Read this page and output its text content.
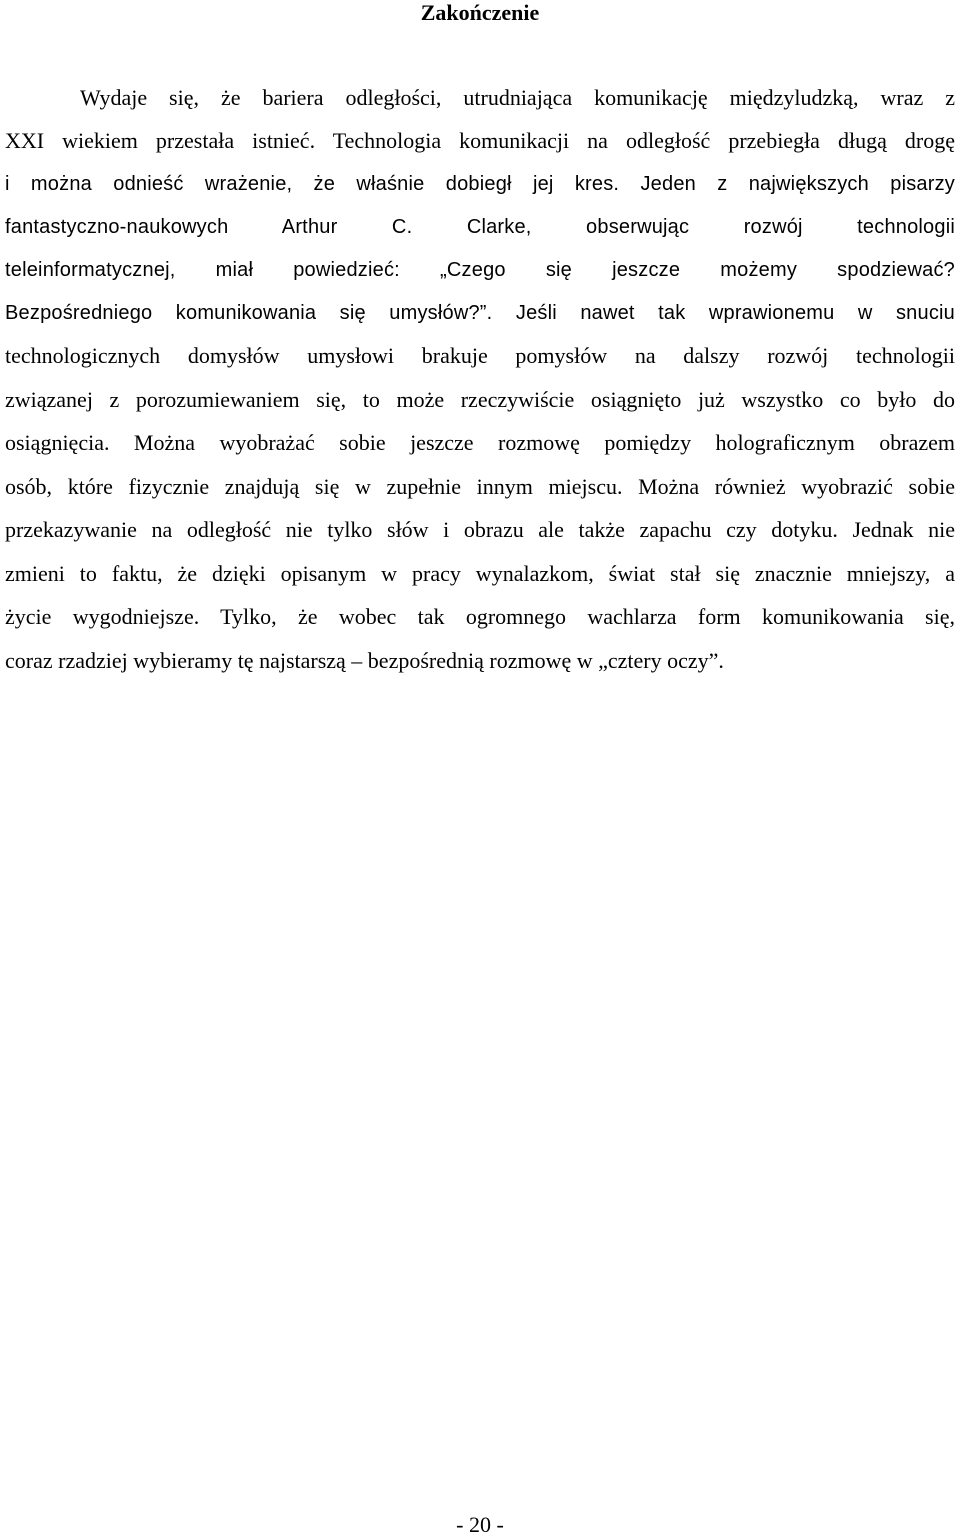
Zakończenie
Wydaje się, że bariera odległości, utrudniająca komunikację międzyludzką, wraz z
XXI wiekiem przestała istnieć. Technologia komunikacji na odległość przebiegła długą drogę
i można odnieść wrażenie, że właśnie dobiegł jej kres. Jeden z największych pisarzy
fantastyczno-naukowych Arthur C. Clarke, obserwując rozwój technologii
teleinformatycznej, miał powiedzieć: „Czego się jeszcze możemy spodziewać?
Bezpośredniego komunikowania się umysłów?”. Jeśli nawet tak wprawionemu w snuciu
technologicznych domysłów umysłowi brakuje pomysłów na dalszy rozwój technologii
związanej z porozumiewaniem się, to może rzeczywiście osiągnięto już wszystko co było do
osiągnięcia. Można wyobrażać sobie jeszcze rozmowę pomiędzy holograficznym obrazem
osób, które fizycznie znajdują się w zupełnie innym miejscu. Można również wyobrazić sobie
przekazywanie na odległość nie tylko słów i obrazu ale także zapachu czy dotyku. Jednak nie
zmieni to faktu, że dzięki opisanym w pracy wynalazkom, świat stał się znacznie mniejszy, a
życie wygodniejsze. Tylko, że wobec tak ogromnego wachlarza form komunikowania się,
coraz rzadziej wybieramy tę najstarszą – bezpośrednią rozmowę w „cztery oczy”.
- 20 -
